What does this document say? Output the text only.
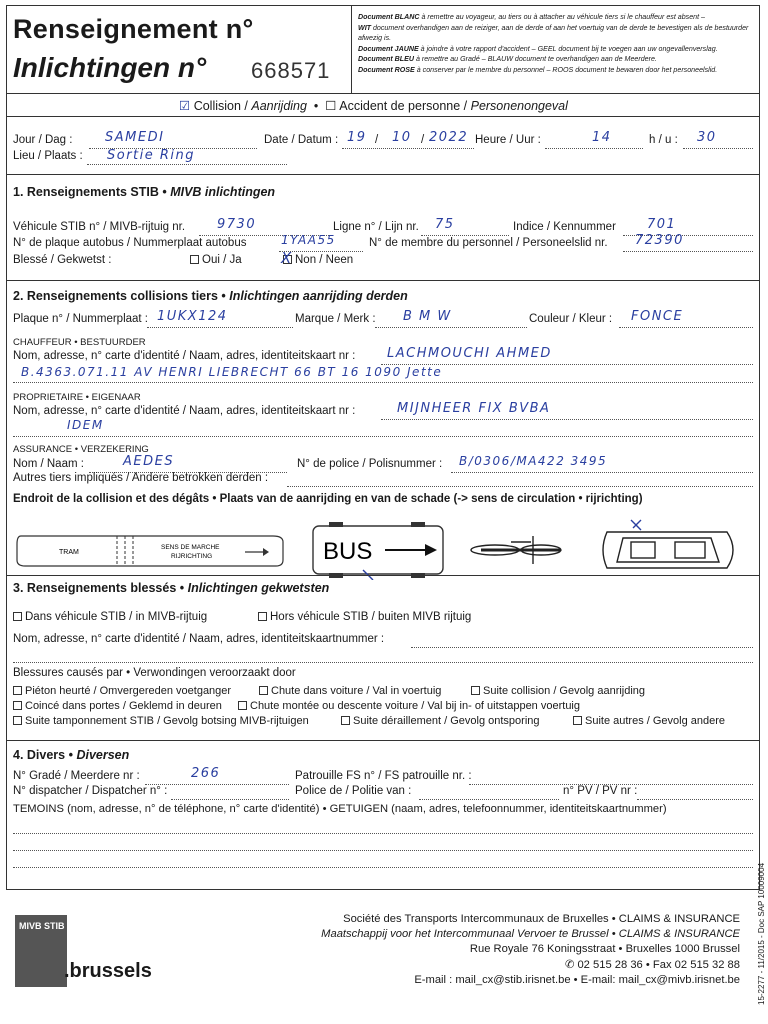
Renseignement n°
Inlichtingen n° 668571
Document BLANC à remettre au voyageur, au tiers ou à attacher au véhicule tiers si le chauffeur est absent –
WIT document overhandigen aan de reiziger, aan de derde of aan het voertuig van de derde te bevestigen als de bestuurder afwezig is.
Document JAUNE à joindre à votre rapport d'accident – GEEL document bij te voegen aan uw ongevallenverslag.
Document BLEU à remettre au Gradé – BLAUW document te overhandigen aan de Meerdere.
Document ROSE à conserver par le membre du personnel – ROOS document te bewaren door het personeelslid.
☑ Collision / Aanrijding  •  ☐ Accident de personne / Personenongeval
Jour / Dag :	SAMEDI	Date / Datum : 19 / 10 / 2022 Heure / Uur :	14	h / u : 30
Lieu / Plaats : Sortie Ring
1. Renseignements STIB • MIVB inlichtingen
Véhicule STIB n° / MIVB-rijtuig nr. 9730	Ligne n° / Lijn nr. 75	Indice / Kennummer 701
N° de plaque autobus / Nummerplaat autobus	1YAA55	N° de membre du personnel / Personeelslid nr. 72390
Blessé / Gekwetst :	Oui / Ja	Non / Neen
X
2. Renseignements collisions tiers • Inlichtingen aanrijding derden
Plaque n° / Nummerplaat : 1UKX124	Marque / Merk : B M W	Couleur / Kleur : FONCE
CHAUFFEUR • BESTUURDER
Nom, adresse, n° carte d'identité / Naam, adres, identiteitskaart nr : LACHMOUCHI AHMED
B.4363.071.11 AV HENRI LIEBRECHT 66 BT 16 1090 Jette
PROPRIETAIRE • EIGENAAR
Nom, adresse, n° carte d'identité / Naam, adres, identiteitskaart nr :	MIJNHEER FIX BVBA
IDEM
ASSURANCE • VERZEKERING
Nom / Naam :	AEDES	N° de police / Polisnummer : B/0306/MA422 3495
Autres tiers impliqués / Andere betrokken derden :
Endroit de la collision et des dégâts • Plaats van de aanrijding en van de schade (-> sens de circulation • rijrichting)
TRAM
SENS DE MARCHE
RIJRICHTING	BUS
3. Renseignements blessés • Inlichtingen gekwetsten
Dans véhicule STIB / in MIVB-rijtuig	Hors véhicule STIB / buiten MIVB rijtuig
Nom, adresse, n° carte d'identité / Naam, adres, identiteitskaartnummer :
Blessures causés par • Verwondingen veroorzaakt door
Piéton heurté / Omvergereden voetganger	Chute dans voiture / Val in voertuig	Suite collision / Gevolg aanrijding
Coincé dans portes / Geklemd in deuren	Chute montée ou descente voiture / Val bij in- of uitstappen voertuig
Suite tamponnement STIB / Gevolg botsing MIVB-rijtuigen	Suite déraillement / Gevolg ontsporing	Suite autres / Gevolg andere
4. Divers • Diversen
N° Gradé / Meerdere nr :	266	Patrouille FS n° / FS patrouille nr. :
N° dispatcher / Dispatcher n° :	Police de / Politie van :	n° PV / PV nr :
TEMOINS (nom, adresse, n° de téléphone, n° carte d'identité) • GETUIGEN (naam, adres, telefoonnummer, identiteitskaartnummer)
MIVB STIB
.brussels
Société des Transports Intercommunaux de Bruxelles • CLAIMS & INSURANCE
Maatschappij voor het Intercommunaal Vervoer te Brussel • CLAIMS & INSURANCE
Rue Royale 76 Koningsstraat • Bruxelles 1000 Brussel
✆ 02 515 28 36 • Fax 02 515 32 88
E-mail : mail_cx@stib.irisnet.be • E-mail: mail_cx@mivb.irisnet.be 15-2277 - 11/2015 - Doc SAP 10009004
